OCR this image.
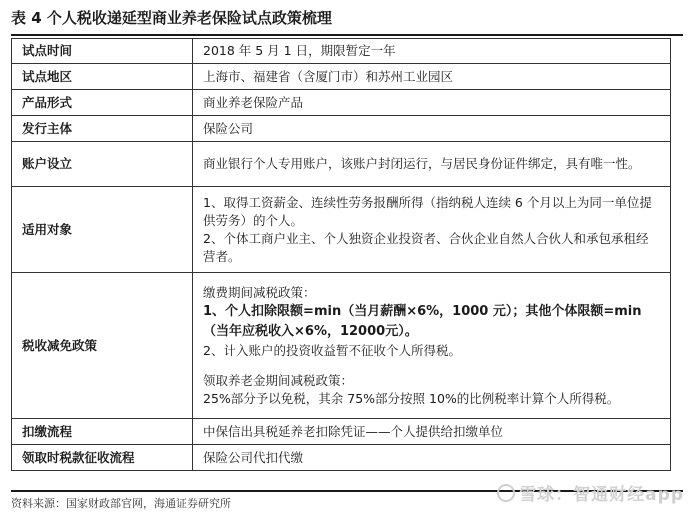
表 4 个人税收递延型商业养老保险试点政策梳理
试点时间	2018 年 5 月 1 日，期限暂定一年
试点地区	上海市、福建省（含厦门市）和苏州工业园区
产品形式	商业养老保险产品
发行主体	保险公司
账户设立	商业银行个人专用账户，该账户封闭运行，与居民身份证件绑定，具有唯一性。
适用对象	1、取得工资薪金、连续性劳务报酬所得（指纳税人连续 6 个月以上为同一单位提供劳务）的个人。

2、个体工商户业主、个人独资企业投资者、合伙企业自然人合伙人和承包承租经营者。

税收减免政策	缴费期间减税政策：

1、个人扣除限额=min（当月薪酬×6%，1000 元）；其他个体限额=min（当年应税收入×6%，12000元）。

2、计入账户的投资收益暂不征收个人所得税。

领取养老金期间减税政策：

25%部分予以免税，其余 75%部分按照 10%的比例税率计算个人所得税。

扣缴流程	中保信出具税延养老扣除凭证——个人提供给扣缴单位
领取时税款征收流程	保险公司代扣代缴
资料来源：国家财政部官网，海通证券研究所	雪球：智通财经app
